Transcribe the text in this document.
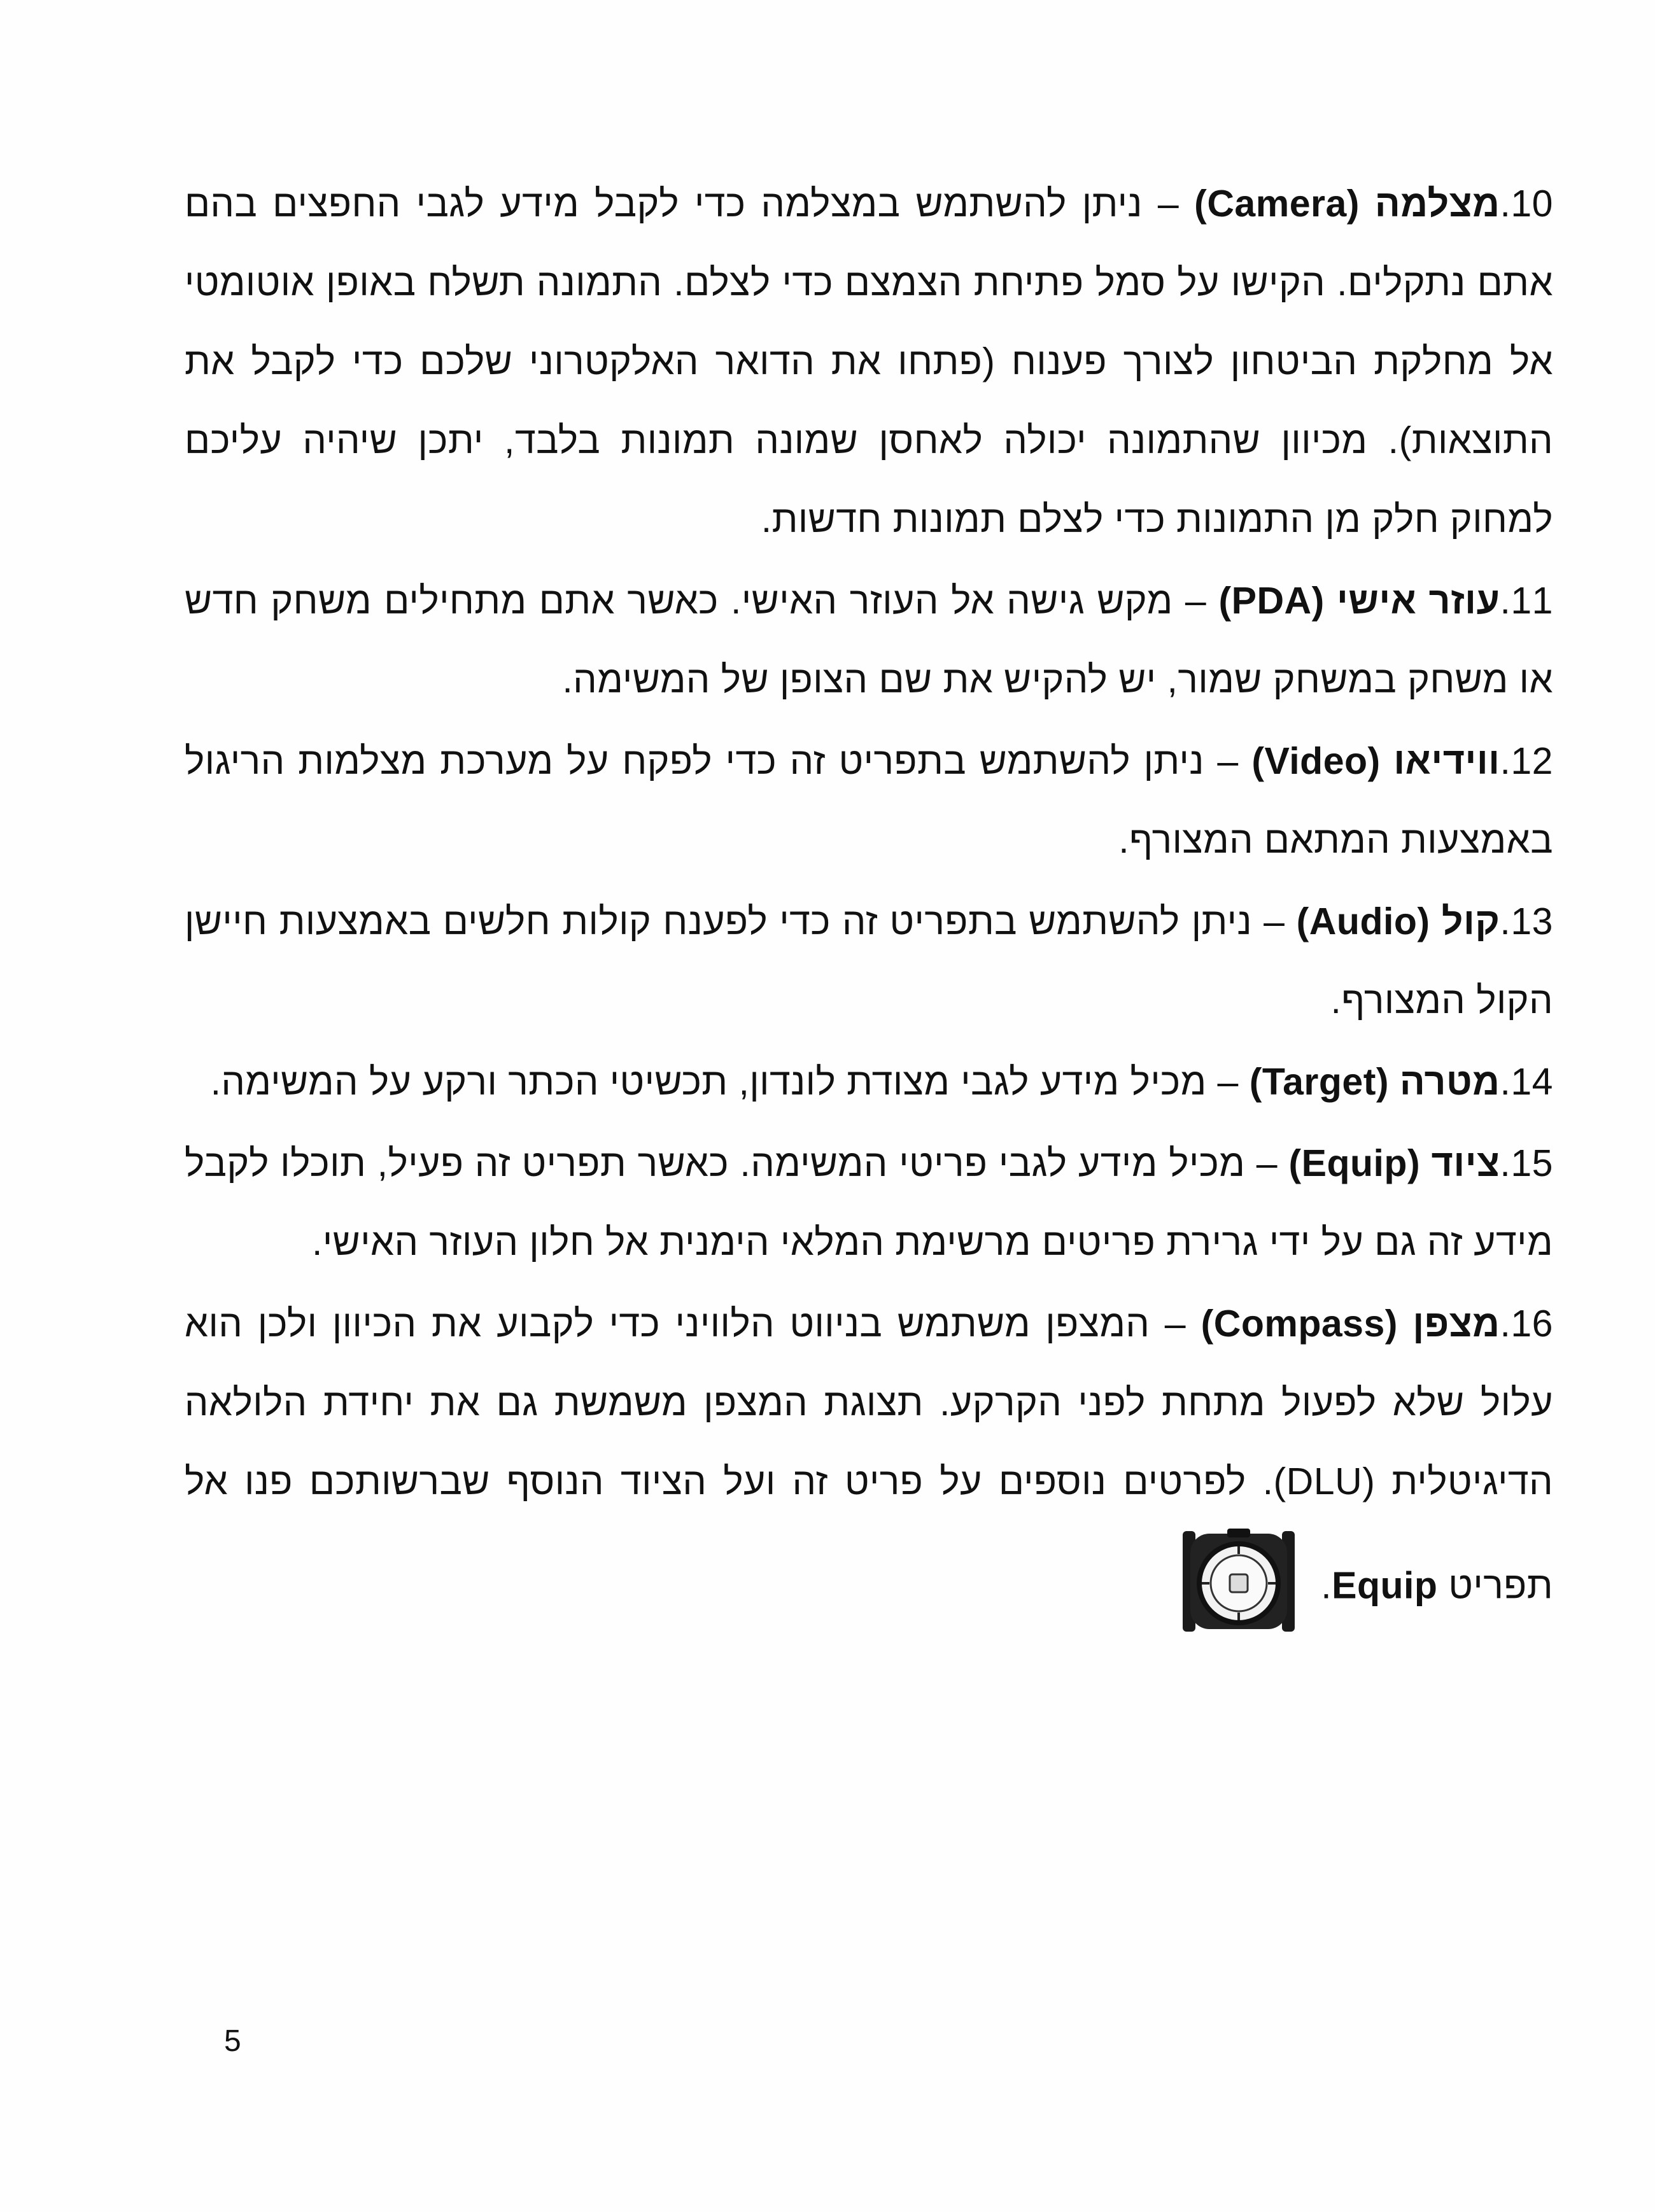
10.מצלמה (Camera) – ניתן להשתמש במצלמה כדי לקבל מידע לגבי החפצים בהם אתם נתקלים. הקישו על סמל פתיחת הצמצם כדי לצלם. התמונה תשלח באופן אוטומטי אל מחלקת הביטחון לצורך פענוח (פתחו את הדואר האלקטרוני שלכם כדי לקבל את התוצאות). מכיוון שהתמונה יכולה לאחסן שמונה תמונות בלבד, יתכן שיהיה עליכם למחוק חלק מן התמונות כדי לצלם תמונות חדשות.

11.עוזר אישי (PDA) – מקש גישה אל העוזר האישי. כאשר אתם מתחילים משחק חדש או משחק במשחק שמור, יש להקיש את שם הצופן של המשימה.

12.ווידיאו (Video) – ניתן להשתמש בתפריט זה כדי לפקח על מערכת מצלמות הריגול באמצעות המתאם המצורף.

13.קול (Audio) – ניתן להשתמש בתפריט זה כדי לפענח קולות חלשים באמצעות חיישן הקול המצורף.

14.מטרה (Target) – מכיל מידע לגבי מצודת לונדון, תכשיטי הכתר ורקע על המשימה.

15.ציוד (Equip) – מכיל מידע לגבי פריטי המשימה. כאשר תפריט זה פעיל, תוכלו לקבל מידע זה גם על ידי גרירת פריטים מרשימת המלאי הימנית אל חלון העוזר האישי.

16.מצפן (Compass) – המצפן משתמש בניווט הלוויני כדי לקבוע את הכיוון ולכן הוא עלול שלא לפעול מתחת לפני הקרקע. תצוגת המצפן משמשת גם את יחידת הלולאה הדיגיטלית (DLU). לפרטים נוספים על פריט זה ועל הציוד הנוסף שברשותכם פנו אל תפריט Equip.

5
